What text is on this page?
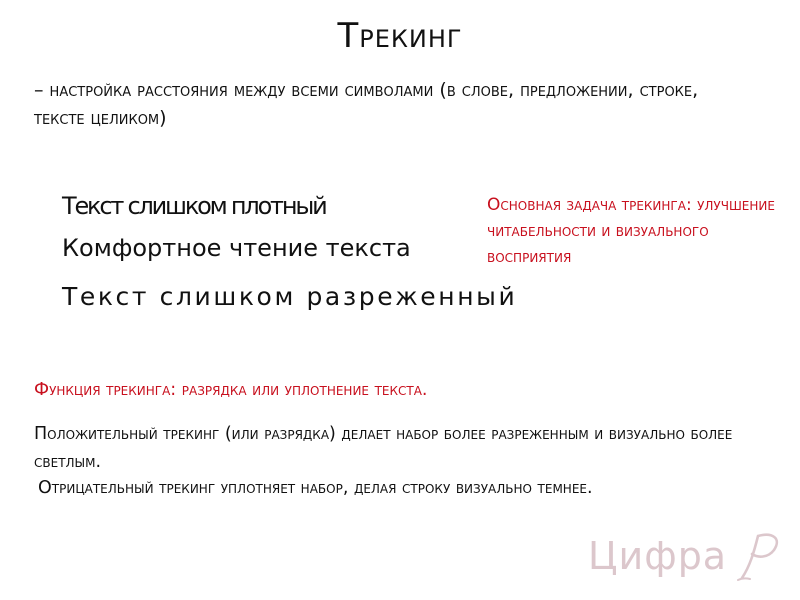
Трекинг
– настройка расстояния между всеми символами (в слове, предложении, строке, тексте целиком)
Текст слишком плотный
Комфортное чтение текста
Текст слишком разреженный
Основная задача трекинга: улучшение читабельности и визуального восприятия
Функция трекинга: разрядка или уплотнение текста.
Положительный трекинг (или разрядка) делает набор более разреженным и визуально более светлым.
Отрицательный трекинг уплотняет набор, делая строку визуально темнее.
Цифра
